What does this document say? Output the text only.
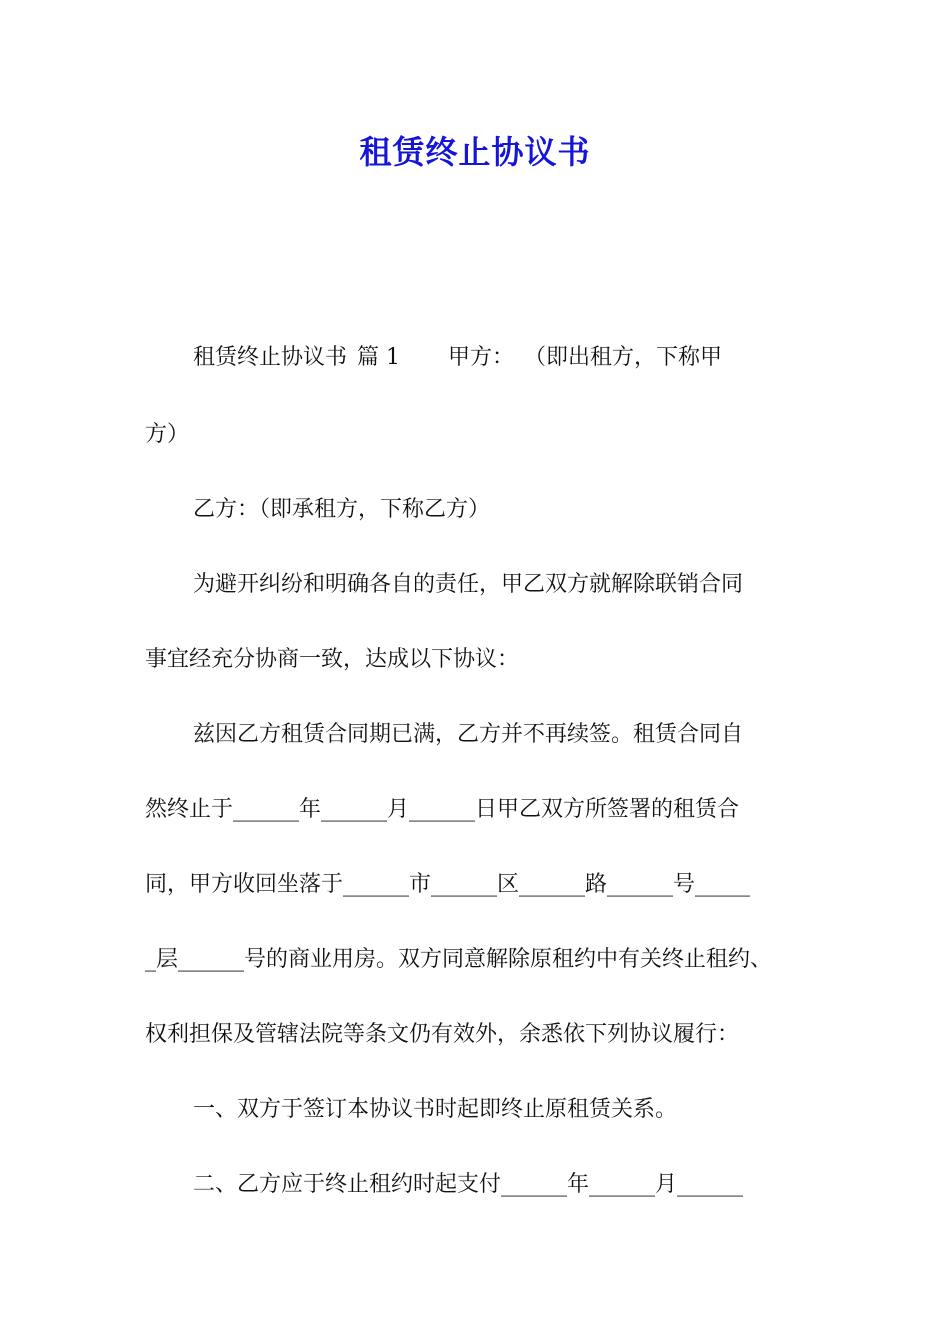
租赁终止协议书

租赁终止协议书 篇 1 甲方： （即出租方，下称甲

方）

乙方：（即承租方，下称乙方）

为避开纠纷和明确各自的责任，甲乙双方就解除联销合同

事宜经充分协商一致，达成以下协议：

兹因乙方租赁合同期已满，乙方并不再续签。租赁合同自

然终止于______年______月______日甲乙双方所签署的租赁合

同，甲方收回坐落于______市______区______路______号_____

_层______号的商业用房。双方同意解除原租约中有关终止租约、

权利担保及管辖法院等条文仍有效外，余悉依下列协议履行：

一、双方于签订本协议书时起即终止原租赁关系。

二、乙方应于终止租约时起支付______年______月______
